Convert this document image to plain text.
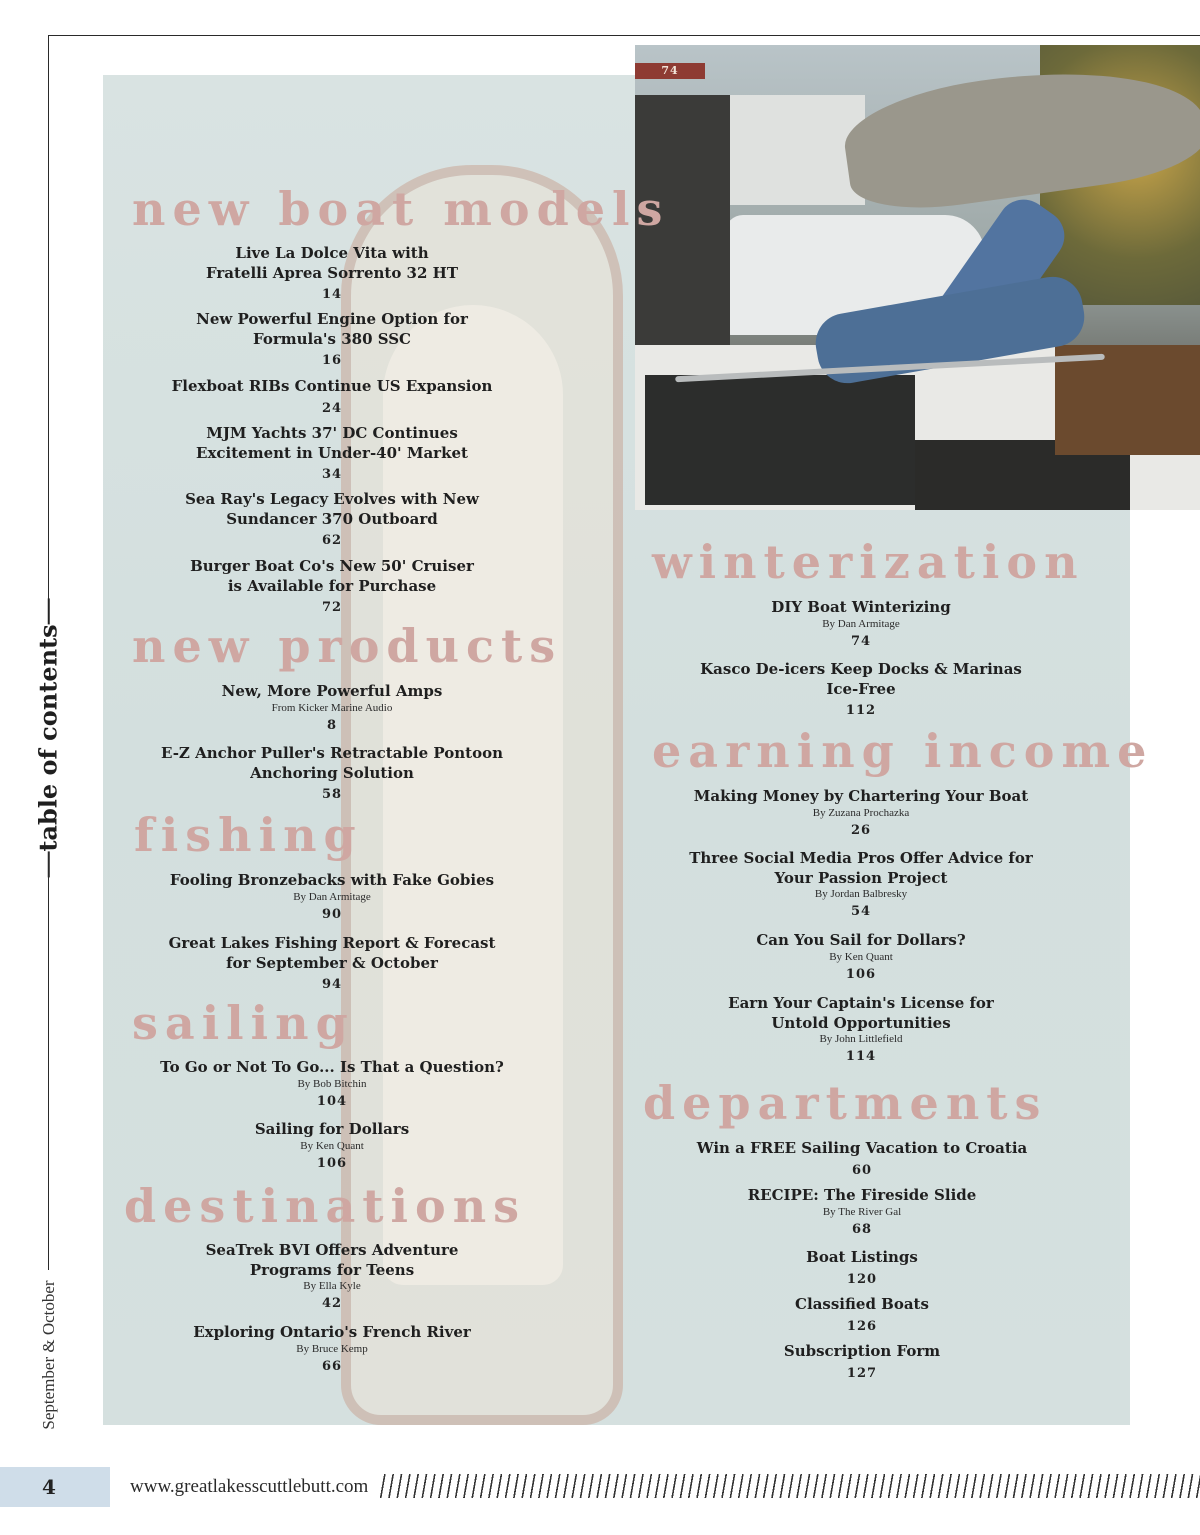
table of contents
September & October
74
new boat models
Live La Dolce Vita with
Fratelli Aprea Sorrento 32 HT
14
New Powerful Engine Option for
Formula's 380 SSC
16
Flexboat RIBs Continue US Expansion
24
MJM Yachts 37' DC Continues
Excitement in Under-40' Market
34
Sea Ray's Legacy Evolves with New
Sundancer 370 Outboard
62
Burger Boat Co's New 50' Cruiser
is Available for Purchase
72
new products
New, More Powerful Amps
From Kicker Marine Audio
8
E-Z Anchor Puller's Retractable Pontoon
Anchoring Solution
58
fishing
Fooling Bronzebacks with Fake Gobies
By Dan Armitage
90
Great Lakes Fishing Report & Forecast
for September & October
94
sailing
To Go or Not To Go... Is That a Question?
By Bob Bitchin
104
Sailing for Dollars
By Ken Quant
106
destinations
SeaTrek BVI Offers Adventure
Programs for Teens
By Ella Kyle
42
Exploring Ontario's French River
By Bruce Kemp
66
winterization
DIY Boat Winterizing
By Dan Armitage
74
Kasco De-icers Keep Docks & Marinas
Ice-Free
112
earning income
Making Money by Chartering Your Boat
By Zuzana Prochazka
26
Three Social Media Pros Offer Advice for
Your Passion Project
By Jordan Balbresky
54
Can You Sail for Dollars?
By Ken Quant
106
Earn Your Captain's License for
Untold Opportunities
By John Littlefield
114
departments
Win a FREE Sailing Vacation to Croatia
60
RECIPE: The Fireside Slide
By The River Gal
68
Boat Listings
120
Classified Boats
126
Subscription Form
127
4	www.greatlakesscuttlebutt.com
